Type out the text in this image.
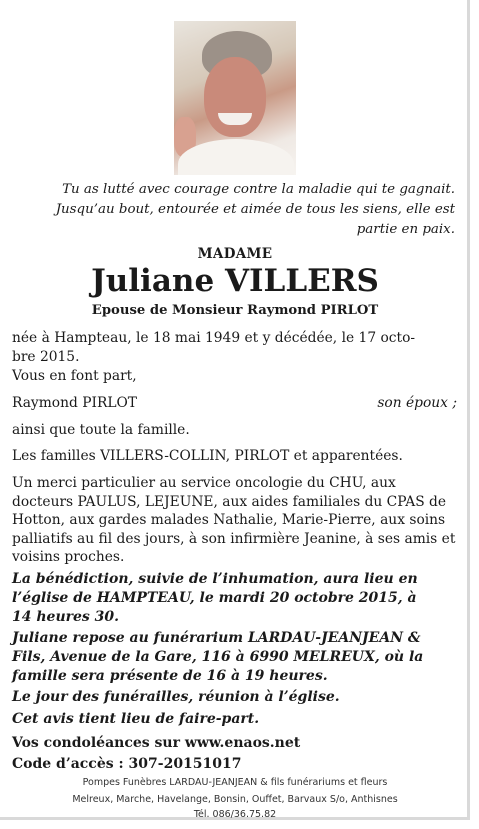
Tu as lutté avec courage contre la maladie qui te gagnait.
Jusqu’au bout, entourée et aimée de tous les siens, elle est
partie en paix.

MADAME
Juliane VILLERS
Epouse de Monsieur Raymond PIRLOT

née à Hampteau, le 18 mai 1949 et y décédée, le 17 octo-bre 2015.

Vous en font part,

Raymond PIRLOT	son époux ;

ainsi que toute la famille.

Les familles VILLERS-COLLIN, PIRLOT et apparentées.

Un merci particulier au service oncologie du CHU, aux docteurs PAULUS, LEJEUNE, aux aides familiales du CPAS de Hotton, aux gardes malades Nathalie, Marie-Pierre, aux soins palliatifs au fil des jours, à son infirmière Jeanine, à ses amis et voisins proches.

La bénédiction, suivie de l’inhumation, aura lieu en l’église de HAMPTEAU, le mardi 20 octobre 2015, à 14 heures 30.

Juliane repose au funérarium LARDAU-JEANJEAN & Fils, Avenue de la Gare, 116 à 6990 MELREUX, où la famille sera présente de 16 à 19 heures.

Le jour des funérailles, réunion à l’église.

Cet avis tient lieu de faire-part.

Vos condoléances sur www.enaos.net

Code d’accès : 307-20151017

Pompes Funèbres LARDAU-JEANJEAN & fils funérariums et fleurs
Melreux, Marche, Havelange, Bonsin, Ouffet, Barvaux S/o, Anthisnes
Tél. 086/36.75.82
